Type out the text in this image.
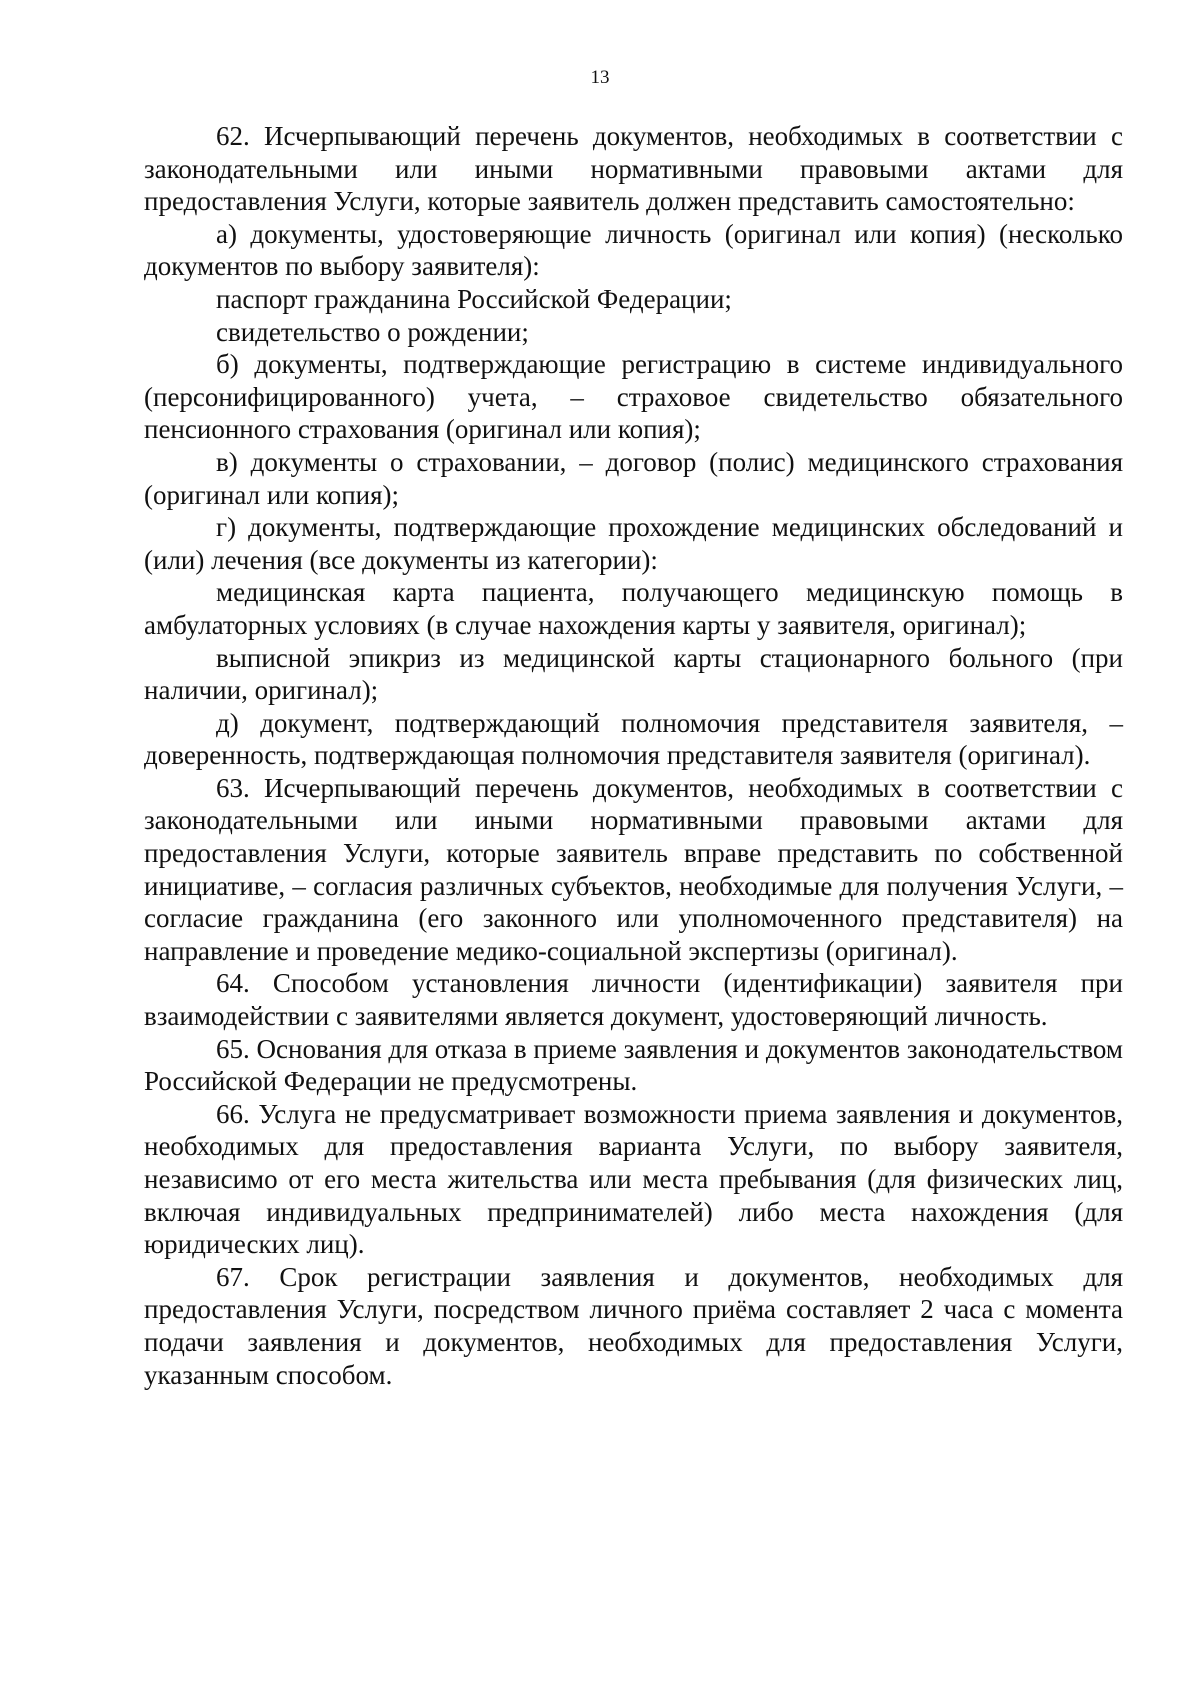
13

62. Исчерпывающий перечень документов, необходимых в соответствии с законодательными или иными нормативными правовыми актами для предоставления Услуги, которые заявитель должен представить самостоятельно:

а) документы, удостоверяющие личность (оригинал или копия) (несколько документов по выбору заявителя):

паспорт гражданина Российской Федерации;

свидетельство о рождении;

б) документы, подтверждающие регистрацию в системе индивидуального (персонифицированного) учета, – страховое свидетельство обязательного пенсионного страхования (оригинал или копия);

в) документы о страховании, – договор (полис) медицинского страхования (оригинал или копия);

г) документы, подтверждающие прохождение медицинских обследований и (или) лечения (все документы из категории):

медицинская карта пациента, получающего медицинскую помощь в амбулаторных условиях (в случае нахождения карты у заявителя, оригинал);

выписной эпикриз из медицинской карты стационарного больного (при наличии, оригинал);

д) документ, подтверждающий полномочия представителя заявителя, – доверенность, подтверждающая полномочия представителя заявителя (оригинал).

63. Исчерпывающий перечень документов, необходимых в соответствии с законодательными или иными нормативными правовыми актами для предоставления Услуги, которые заявитель вправе представить по собственной инициативе, – согласия различных субъектов, необходимые для получения Услуги, – согласие гражданина (его законного или уполномоченного представителя) на направление и проведение медико-социальной экспертизы (оригинал).

64. Способом установления личности (идентификации) заявителя при взаимодействии с заявителями является документ, удостоверяющий личность.

65. Основания для отказа в приеме заявления и документов законодательством Российской Федерации не предусмотрены.

66. Услуга не предусматривает возможности приема заявления и документов, необходимых для предоставления варианта Услуги, по выбору заявителя, независимо от его места жительства или места пребывания (для физических лиц, включая индивидуальных предпринимателей) либо места нахождения (для юридических лиц).

67. Срок регистрации заявления и документов, необходимых для предоставления Услуги, посредством личного приёма составляет 2 часа с момента подачи заявления и документов, необходимых для предоставления Услуги, указанным способом.
